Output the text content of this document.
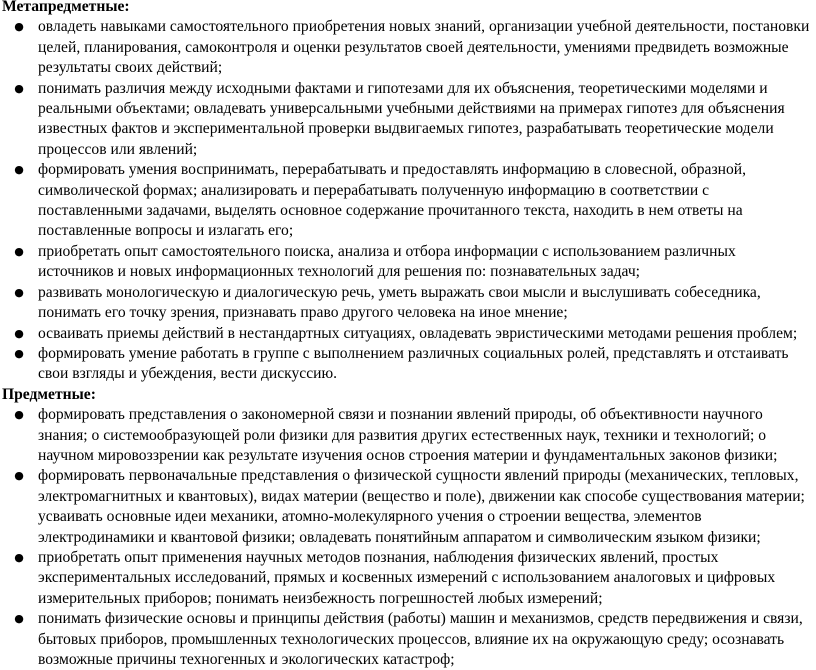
Метапредметные:
● овладеть навыками самостоятельного приобретения новых знаний, организации учебной деятельности, постановки целей, планирования, самоконтроля и оценки результатов своей деятельности, умениями предвидеть возможные результаты своих действий;
● понимать различия между исходными фактами и гипотезами для их объяснения, теоретическими моделями и реальными объектами; овладевать универсальными учебными действиями на примерах гипотез для объяснения известных фактов и экспериментальной проверки выдвигаемых гипотез, разрабатывать теоретические модели процессов или явлений;
● формировать умения воспринимать, перерабатывать и предоставлять информацию в словесной, образной, символической формах; анализировать и перерабатывать полученную информацию в соответствии с поставленными задачами, выделять основное содержание прочитанного текста, находить в нем ответы на поставленные вопросы и излагать его;
● приобретать опыт самостоятельного поиска, анализа и отбора информации с использованием различных источников и новых информационных технологий для решения по: познавательных задач;
● развивать монологическую и диалогическую речь, уметь выражать свои мысли и выслушивать собеседника, понимать его точку зрения, признавать право другого человека на иное мнение;
● осваивать приемы действий в нестандартных ситуациях, овладевать эвристическими методами решения проблем;
● формировать умение работать в группе с выполнением различных социальных ролей, представлять и отстаивать свои взгляды и убеждения, вести дискуссию.
Предметные:
● формировать представления о закономерной связи и познании явлений природы, об объективности научного знания; о системообразующей роли физики для развития других естественных наук, техники и технологий; о научном мировоззрении как результате изучения основ строения материи и фундаментальных законов физики;
● формировать первоначальные представления о физической сущности явлений природы (механических, тепловых, электромагнитных и квантовых), видах материи (вещество и поле), движении как способе существования материи; усваивать основные идеи механики, атомно-молекулярного учения о строении вещества, элементов электродинамики и квантовой физики; овладевать понятийным аппаратом и символическим языком физики;
● приобретать опыт применения научных методов познания, наблюдения физических явлений, простых экспериментальных исследований, прямых и косвенных измерений с использованием аналоговых и цифровых измерительных приборов; понимать неизбежность погрешностей любых измерений;
● понимать физические основы и принципы действия (работы) машин и механизмов, средств передвижения и связи, бытовых приборов, промышленных технологических процессов, влияние их на окружающую среду; осознавать возможные причины техногенных и экологических катастроф;
